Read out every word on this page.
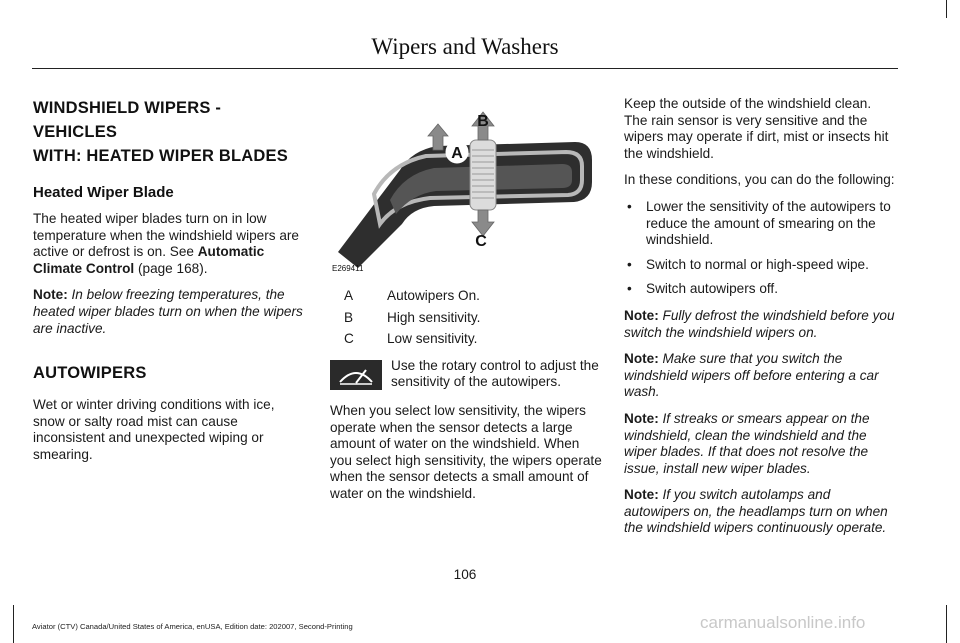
Wipers and Washers
WINDSHIELD WIPERS - VEHICLES
WITH: HEATED WIPER BLADES
Heated Wiper Blade

The heated wiper blades turn on in low temperature when the windshield wipers are active or defrost is on. See Automatic Climate Control (page 168).

Note: In below freezing temperatures, the heated wiper blades turn on when the wipers are inactive.

AUTOWIPERS

Wet or winter driving conditions with ice, snow or salty road mist can cause inconsistent and unexpected wiping or smearing.

A
B
C
E269411
A	Autowipers On.
B	High sensitivity.
C	Low sensitivity.
Use the rotary control to adjust the sensitivity of the autowipers.

When you select low sensitivity, the wipers operate when the sensor detects a large amount of water on the windshield. When you select high sensitivity, the wipers operate when the sensor detects a small amount of water on the windshield.

Keep the outside of the windshield clean. The rain sensor is very sensitive and the wipers may operate if dirt, mist or insects hit the windshield.

In these conditions, you can do the following:

• Lower the sensitivity of the autowipers to reduce the amount of smearing on the windshield.
• Switch to normal or high-speed wipe.
• Switch autowipers off.

Note: Fully defrost the windshield before you switch the windshield wipers on.

Note: Make sure that you switch the windshield wipers off before entering a car wash.

Note: If streaks or smears appear on the windshield, clean the windshield and the wiper blades. If that does not resolve the issue, install new wiper blades.

Note: If you switch autolamps and autowipers on, the headlamps turn on when the windshield wipers continuously operate.

106
Aviator (CTV) Canada/United States of America, enUSA, Edition date: 202007, Second-Printing	carmanualsonline.info
